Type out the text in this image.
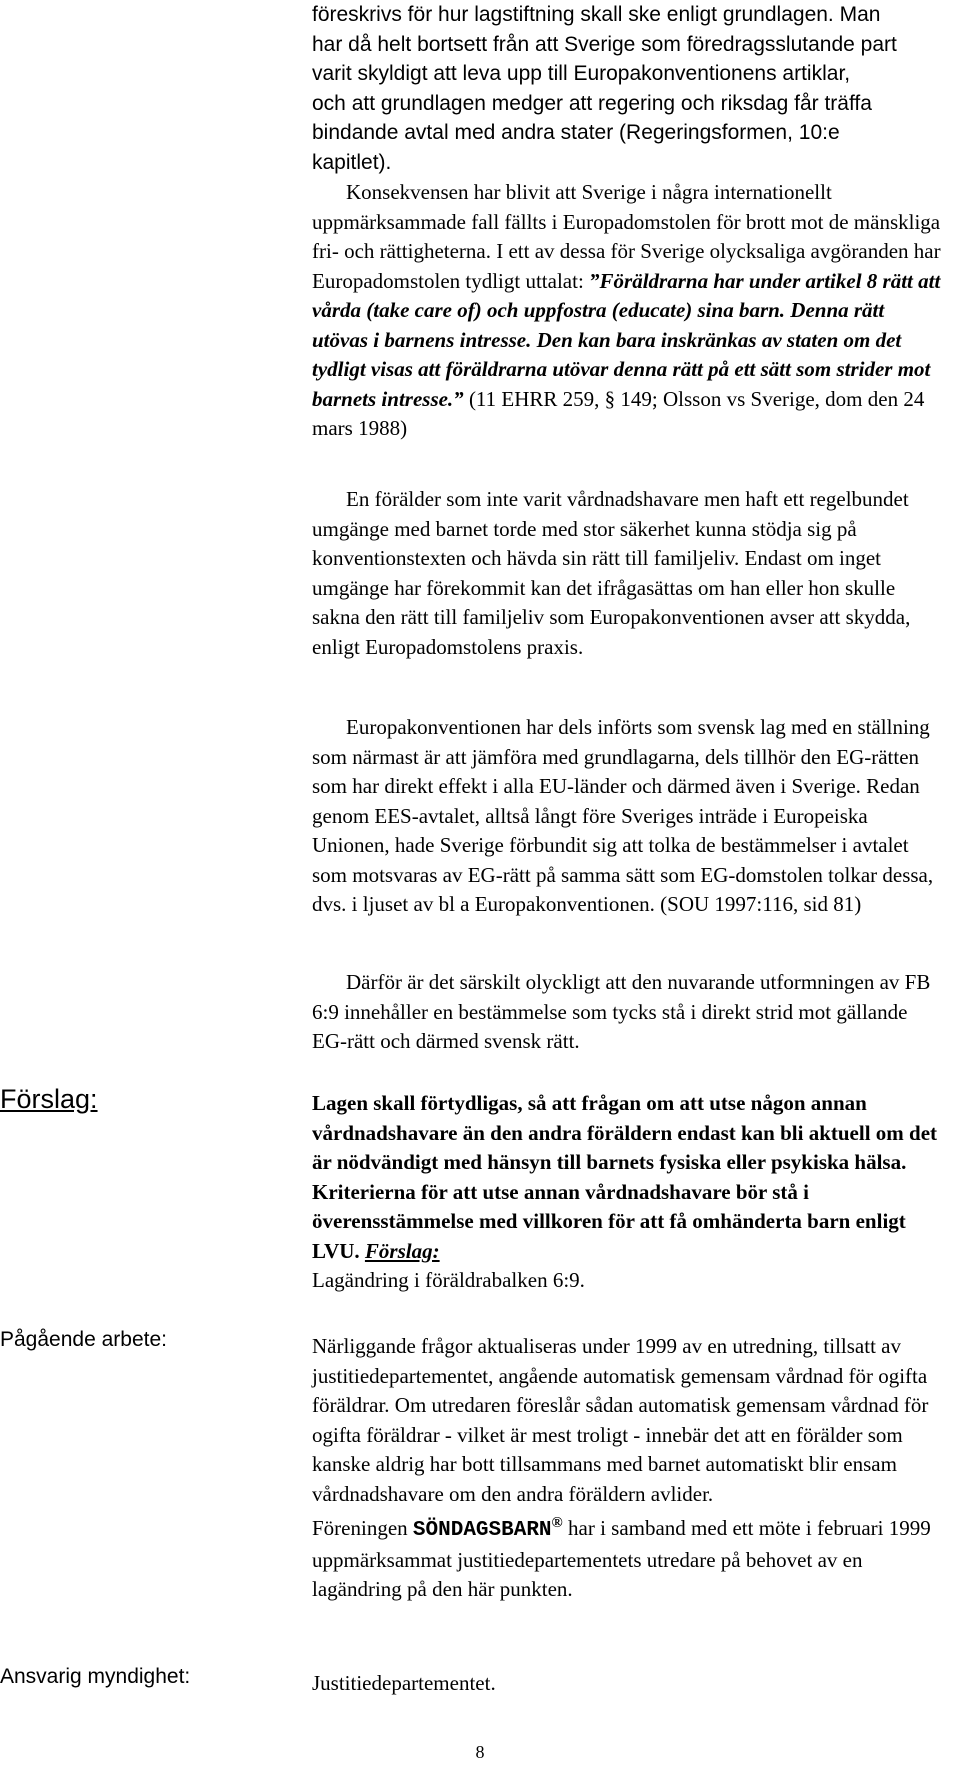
föreskrivs för hur lagstiftning skall ske enligt grundlagen. Man

har då helt bortsett från att Sverige som föredragsslutande part

varit skyldigt att leva upp till Europakonventionens artiklar,

och att grundlagen medger att regering och riksdag får träffa

bindande avtal med andra stater (Regeringsformen, 10:e

kapitlet).

Konsekvensen har blivit att Sverige i några internationellt uppmärksammade fall fällts i Europadomstolen för brott mot de mänskliga fri- och rättigheterna. I ett av dessa för Sverige olycksaliga avgöranden har Europadomstolen tydligt uttalat: ”Föräldrarna har under artikel 8 rätt att vårda (take care of) och uppfostra (educate) sina barn. Denna rätt utövas i barnens intresse. Den kan bara inskränkas av staten om det tydligt visas att föräldrarna utövar denna rätt på ett sätt som strider mot barnets intresse.” (11 EHRR 259, § 149; Olsson vs Sverige, dom den 24 mars 1988)

En förälder som inte varit vårdnadshavare men haft ett regelbundet umgänge med barnet torde med stor säkerhet kunna stödja sig på konventionstexten och hävda sin rätt till familjeliv. Endast om inget umgänge har förekommit kan det ifrågasättas om han eller hon skulle sakna den rätt till familjeliv som Europakonventionen avser att skydda, enligt Europadomstolens praxis.

Europakonventionen har dels införts som svensk lag med en ställning som närmast är att jämföra med grundlagarna, dels tillhör den EG-rätten som har direkt effekt i alla EU-länder och därmed även i Sverige. Redan genom EES-avtalet, alltså långt före Sveriges inträde i Europeiska Unionen, hade Sverige förbundit sig att tolka de bestämmelser i avtalet som motsvaras av EG-rätt på samma sätt som EG-domstolen tolkar dessa, dvs. i ljuset av bl a Europakonventionen. (SOU 1997:116, sid 81)

Därför är det särskilt olyckligt att den nuvarande utformningen av FB 6:9 innehåller en bestämmelse som tycks stå i direkt strid mot gällande EG-rätt och därmed svensk rätt.

Förslag:

Pågående arbete:

Ansvarig myndighet:

Lagen skall förtydligas, så att frågan om att utse någon annan vårdnadshavare än den andra föräldern endast kan bli aktuell om det är nödvändigt med hänsyn till barnets fysiska eller psykiska hälsa. Kriterierna för att utse annan vårdnadshavare bör stå i överensstämmelse med villkoren för att få omhänderta barn enligt LVU. Förslag:
Lagändring i föräldrabalken 6:9.

Närliggande frågor aktualiseras under 1999 av en utredning, tillsatt av justitiedepartementet, angående automatisk gemensam vårdnad för ogifta föräldrar. Om utredaren föreslår sådan automatisk gemensam vårdnad för ogifta föräldrar - vilket är mest troligt - innebär det att en förälder som kanske aldrig har bott tillsammans med barnet automatiskt blir ensam vårdnadshavare om den andra föräldern avlider.

Föreningen SÖNDAGSBARN® har i samband med ett möte i februari 1999 uppmärksammat justitiedepartementets utredare på behovet av en lagändring på den här punkten.

Justitiedepartementet.

8
